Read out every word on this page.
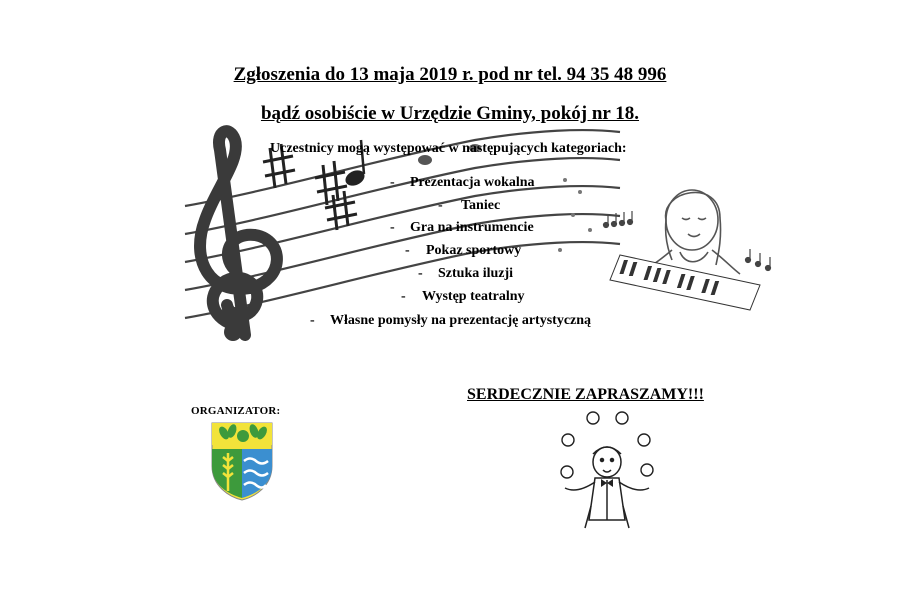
Zgłoszenia do 13 maja 2019 r. pod nr tel. 94 35 48 996
bądź osobiście w Urzędzie Gminy, pokój nr 18.
Uczestnicy mogą występować w następujących kategoriach:
- Prezentacja wokalna
- Taniec
- Gra na instrumencie
- Pokaz sportowy
- Sztuka iluzji
- Występ teatralny
- Własne pomysły na prezentację artystyczną
ORGANIZATOR:
SERDECZNIE ZAPRASZAMY!!!
